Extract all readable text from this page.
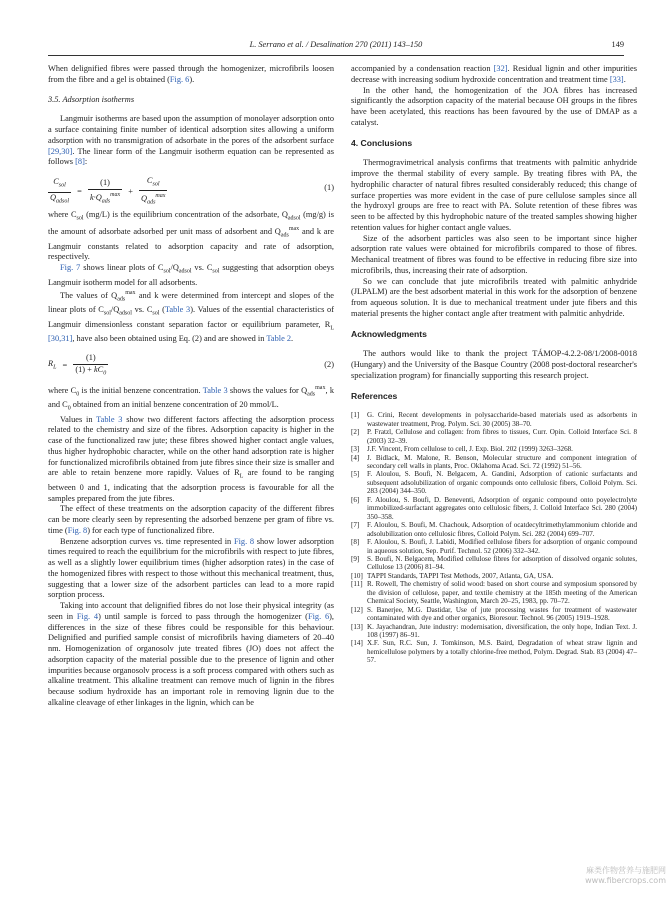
L. Serrano et al. / Desalination 270 (2011) 143–150	149

When delignified fibres were passed through the homogenizer, microfibrils loosen from the fibre and a gel is obtained (Fig. 6).

3.5. Adsorption isotherms

Langmuir isotherms are based upon the assumption of monolayer adsorption onto a surface containing finite number of identical adsorption sites allowing a uniform adsorption with no transmigration of adsorbate in the pores of the adsorbent surface [29,30]. The linear form of the Langmuir isotherm equation can be represented as follows [8]:

$\frac{C_{sol}}{Q_{adsol}} = \frac{(1)}{k\cdot Q_{ads}^{max}} + \frac{C_{sol}}{Q_{ads}^{max}}$	(1)

where $C_{sol}$ (mg/L) is the equilibrium concentration of the adsorbate, $Q_{adsol}$ (mg/g) is the amount of adsorbate adsorbed per unit mass of adsorbent and $Q_{ads}^{max}$ and k are Langmuir constants related to adsorption capacity and rate of adsorption, respectively.

Fig. 7 shows linear plots of $C_{sol}/Q_{adsol}$ vs. $C_{sol}$ suggesting that adsorption obeys Langmuir isotherm model for all adsorbents.

The values of $Q_{ads}^{max}$ and k were determined from intercept and slopes of the linear plots of $C_{sol}/Q_{adsol}$ vs. $C_{sol}$ (Table 3). Values of the essential characteristics of Langmuir dimensionless constant separation factor or equilibrium parameter, $R_L$ [30,31], have also been obtained using Eq. (2) and are showed in Table 2.

$R_L = \frac{(1)}{(1) + kC_0}$	(2)

where $C_0$ is the initial benzene concentration. Table 3 shows the values for $Q_{ads}^{max}$, k and $C_0$ obtained from an initial benzene concentration of 20 mmol/L.

Values in Table 3 show two different factors affecting the adsorption process related to the chemistry and size of the fibres. Adsorption capacity is higher in the case of the functionalized raw jute; these fibres showed higher contact angle values, thus higher hydrophobic character, while on the other hand adsorption rate is higher for functionalized microfibrils obtained from jute fibres since their size is smaller and are able to retain benzene more rapidly. Values of $R_L$ are found to be ranging between 0 and 1, indicating that the adsorption process is favourable for all the samples prepared from the jute fibres.

The effect of these treatments on the adsorption capacity of the different fibres can be more clearly seen by representing the adsorbed benzene per gram of fibre vs. time (Fig. 8) for each type of functionalized fibre.

Benzene adsorption curves vs. time represented in Fig. 8 show lower adsorption times required to reach the equilibrium for the microfibrils with respect to jute fibres, as well as a slightly lower equilibrium times (higher adsorption rates) in the case of the homogenized fibres with respect to those without this mechanical treatment, thus, suggesting that a lower size of the adsorbent particles can lead to a more rapid sorption process.

Taking into account that delignified fibres do not lose their physical integrity (as seen in Fig. 4) until sample is forced to pass through the homogenizer (Fig. 6), differences in the size of these fibres could be responsible for this behaviour. Delignified and purified sample consist of microfibrils having diameters of 20–40 nm. Homogenization of organosolv jute treated fibres (JO) does not affect the adsorption capacity of the material possible due to the presence of lignin and other impurities because organosolv process is a soft process compared with others such as alkaline treatment. This alkaline treatment can remove much of lignin in the fibres because sodium hydroxide has an important role in removing lignin due to the alkaline cleavage of ether linkages in the lignin, which can be

accompanied by a condensation reaction [32]. Residual lignin and other impurities decrease with increasing sodium hydroxide concentration and treatment time [33].

In the other hand, the homogenization of the JOA fibres has increased significantly the adsorption capacity of the material because OH groups in the fibres have been acetylated, this reactions has been favoured by the use of DMAP as a catalyst.

4. Conclusions

Thermogravimetrical analysis confirms that treatments with palmitic anhydride improve the thermal stability of every sample. By treating fibres with PA, the hydrophilic character of natural fibres resulted considerably reduced; this change of surface properties was more evident in the case of pure cellulose samples since all the hydroxyl groups are free to react with PA. Solute retention of these fibres was seen to be affected by this hydrophobic nature of the treated samples showing higher retention values for higher contact angle values.

Size of the adsorbent particles was also seen to be important since higher adsorption rate values were obtained for microfibrils compared to those of fibres. Mechanical treatment of fibres was found to be effective in reducing fibre size into microfibrils, thus, increasing their rate of adsorption.

So we can conclude that jute microfibrils treated with palmitic anhydride (JLPALM) are the best adsorbent material in this work for the adsorption of benzene from aqueous solution. It is due to mechanical treatment under jute fibers and this material presents the higher contact angle after treatment with palmitic anhydride.

Acknowledgments

The authors would like to thank the project TÁMOP-4.2.2-08/1/2008-0018 (Hungary) and the University of the Basque Country (2008 post-doctoral researcher's specialization program) for financially supporting this research project.

References
[1]	G. Crini, Recent developments in polysaccharide-based materials used as adsorbents in wastewater treatment, Prog. Polym. Sci. 30 (2005) 38–70.
[2]	P. Fratzl, Cellulose and collagen: from fibres to tissues, Curr. Opin. Colloid Interface Sci. 8 (2003) 32–39.
[3]	J.F. Vincent, From cellulose to cell, J. Exp. Biol. 202 (1999) 3263–3268.
[4]	J. Bidlack, M. Malone, R. Benson, Molecular structure and component integration of secondary cell walls in plants, Proc. Oklahoma Acad. Sci. 72 (1992) 51–56.
[5]	F. Aloulou, S. Boufi, N. Belgacem, A. Gandini, Adsorption of cationic surfactants and subsequent adsolubilization of organic compounds onto cellulosic fibers, Colloid Polym. Sci. 283 (2004) 344–350.
[6]	F. Aloulou, S. Boufi, D. Beneventi, Adsorption of organic compound onto poyelectrolyte immobilized-surfactant aggregates onto cellulosic fibers, J. Colloid Interface Sci. 280 (2004) 350–358.
[7]	F. Aloulou, S. Boufi, M. Chachouk, Adsorption of ocatdecyltrimethylammonium chloride and adsolubilization onto cellulosic fibres, Colloid Polym. Sci. 282 (2004) 699–707.
[8]	F. Aloulou, S. Boufi, J. Labidi, Modified cellulose fibers for adsorption of organic compound in aqueous solution, Sep. Purif. Technol. 52 (2006) 332–342.
[9]	S. Boufi, N. Belgacem, Modified cellulose fibres for adsorption of dissolved organic solutes, Cellulose 13 (2006) 81–94.
[10] TAPPI Standards, TAPPI Test Methods, 2007, Atlanta, GA, USA.
[11] R. Rowell, The chemistry of solid wood: based on short course and symposium sponsored by the division of cellulose, paper, and textile chemistry at the 185th meeting of the American Chemical Society, Seattle, Washington, March 20–25, 1983, pp. 70–72.
[12] S. Banerjee, M.G. Dastidar, Use of jute processing wastes for treatment of wastewater contaminated with dye and other organics, Bioresour. Technol. 96 (2005) 1919–1928.
[13] K. Jayachandran, Jute industry: modernisation, diversification, the only hope, Indian Text. J. 108 (1997) 86–91.
[14] X.F. Sun, R.C. Sun, J. Tomkinson, M.S. Baird, Degradation of wheat straw lignin and hemicellulose polymers by a totally chlorine-free method, Polym. Degrad. Stab. 83 (2004) 47–57.
麻类作物营养与施肥网
www.fibercrops.com
